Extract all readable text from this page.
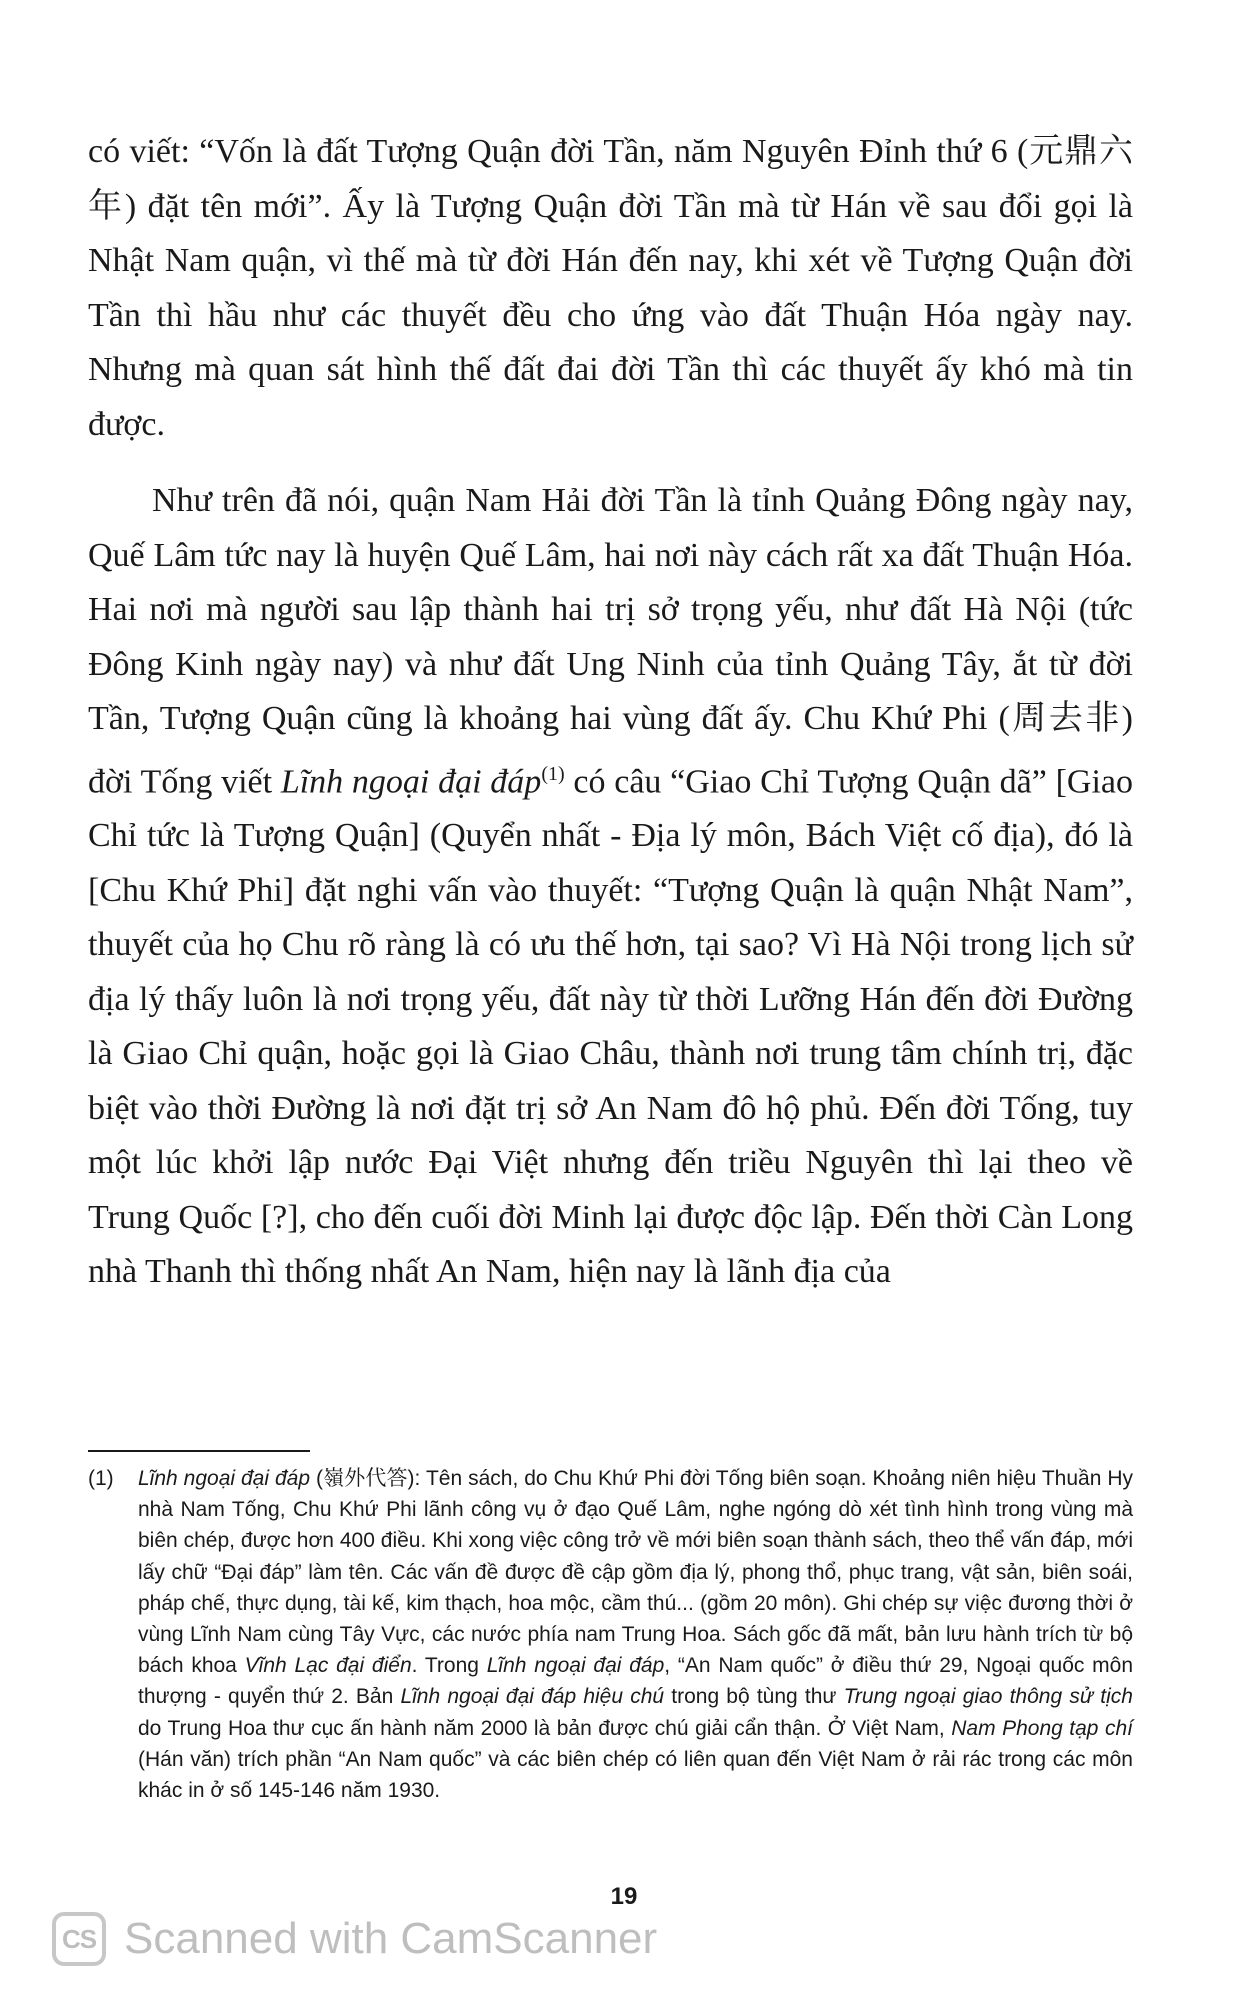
có viết: “Vốn là đất Tượng Quận đời Tần, năm Nguyên Đỉnh thứ 6 (元鼎六年) đặt tên mới”. Ấy là Tượng Quận đời Tần mà từ Hán về sau đổi gọi là Nhật Nam quận, vì thế mà từ đời Hán đến nay, khi xét về Tượng Quận đời Tần thì hầu như các thuyết đều cho ứng vào đất Thuận Hóa ngày nay. Nhưng mà quan sát hình thế đất đai đời Tần thì các thuyết ấy khó mà tin được.

Như trên đã nói, quận Nam Hải đời Tần là tỉnh Quảng Đông ngày nay, Quế Lâm tức nay là huyện Quế Lâm, hai nơi này cách rất xa đất Thuận Hóa. Hai nơi mà người sau lập thành hai trị sở trọng yếu, như đất Hà Nội (tức Đông Kinh ngày nay) và như đất Ung Ninh của tỉnh Quảng Tây, ắt từ đời Tần, Tượng Quận cũng là khoảng hai vùng đất ấy. Chu Khứ Phi (周去非) đời Tống viết Lĩnh ngoại đại đáp$^{(1)}$ có câu “Giao Chỉ Tượng Quận dã” [Giao Chỉ tức là Tượng Quận] (Quyển nhất - Địa lý môn, Bách Việt cố địa), đó là [Chu Khứ Phi] đặt nghi vấn vào thuyết: “Tượng Quận là quận Nhật Nam”, thuyết của họ Chu rõ ràng là có ưu thế hơn, tại sao? Vì Hà Nội trong lịch sử địa lý thấy luôn là nơi trọng yếu, đất này từ thời Lưỡng Hán đến đời Đường là Giao Chỉ quận, hoặc gọi là Giao Châu, thành nơi trung tâm chính trị, đặc biệt vào thời Đường là nơi đặt trị sở An Nam đô hộ phủ. Đến đời Tống, tuy một lúc khởi lập nước Đại Việt nhưng đến triều Nguyên thì lại theo về Trung Quốc [?], cho đến cuối đời Minh lại được độc lập. Đến thời Càn Long nhà Thanh thì thống nhất An Nam, hiện nay là lãnh địa của

(1)	Lĩnh ngoại đại đáp (嶺外代答): Tên sách, do Chu Khứ Phi đời Tống biên soạn. Khoảng niên hiệu Thuần Hy nhà Nam Tống, Chu Khứ Phi lãnh công vụ ở đạo Quế Lâm, nghe ngóng dò xét tình hình trong vùng mà biên chép, được hơn 400 điều. Khi xong việc công trở về mới biên soạn thành sách, theo thể vấn đáp, mới lấy chữ “Đại đáp” làm tên. Các vấn đề được đề cập gồm địa lý, phong thổ, phục trang, vật sản, biên soái, pháp chế, thực dụng, tài kế, kim thạch, hoa mộc, cầm thú... (gồm 20 môn). Ghi chép sự việc đương thời ở vùng Lĩnh Nam cùng Tây Vực, các nước phía nam Trung Hoa. Sách gốc đã mất, bản lưu hành trích từ bộ bách khoa Vĩnh Lạc đại điển. Trong Lĩnh ngoại đại đáp, “An Nam quốc” ở điều thứ 29, Ngoại quốc môn thượng - quyển thứ 2. Bản Lĩnh ngoại đại đáp hiệu chú trong bộ tùng thư Trung ngoại giao thông sử tịch do Trung Hoa thư cục ấn hành năm 2000 là bản được chú giải cẩn thận. Ở Việt Nam, Nam Phong tạp chí (Hán văn) trích phần “An Nam quốc” và các biên chép có liên quan đến Việt Nam ở rải rác trong các môn khác in ở số 145-146 năm 1930.
19
CS Scanned with CamScanner
